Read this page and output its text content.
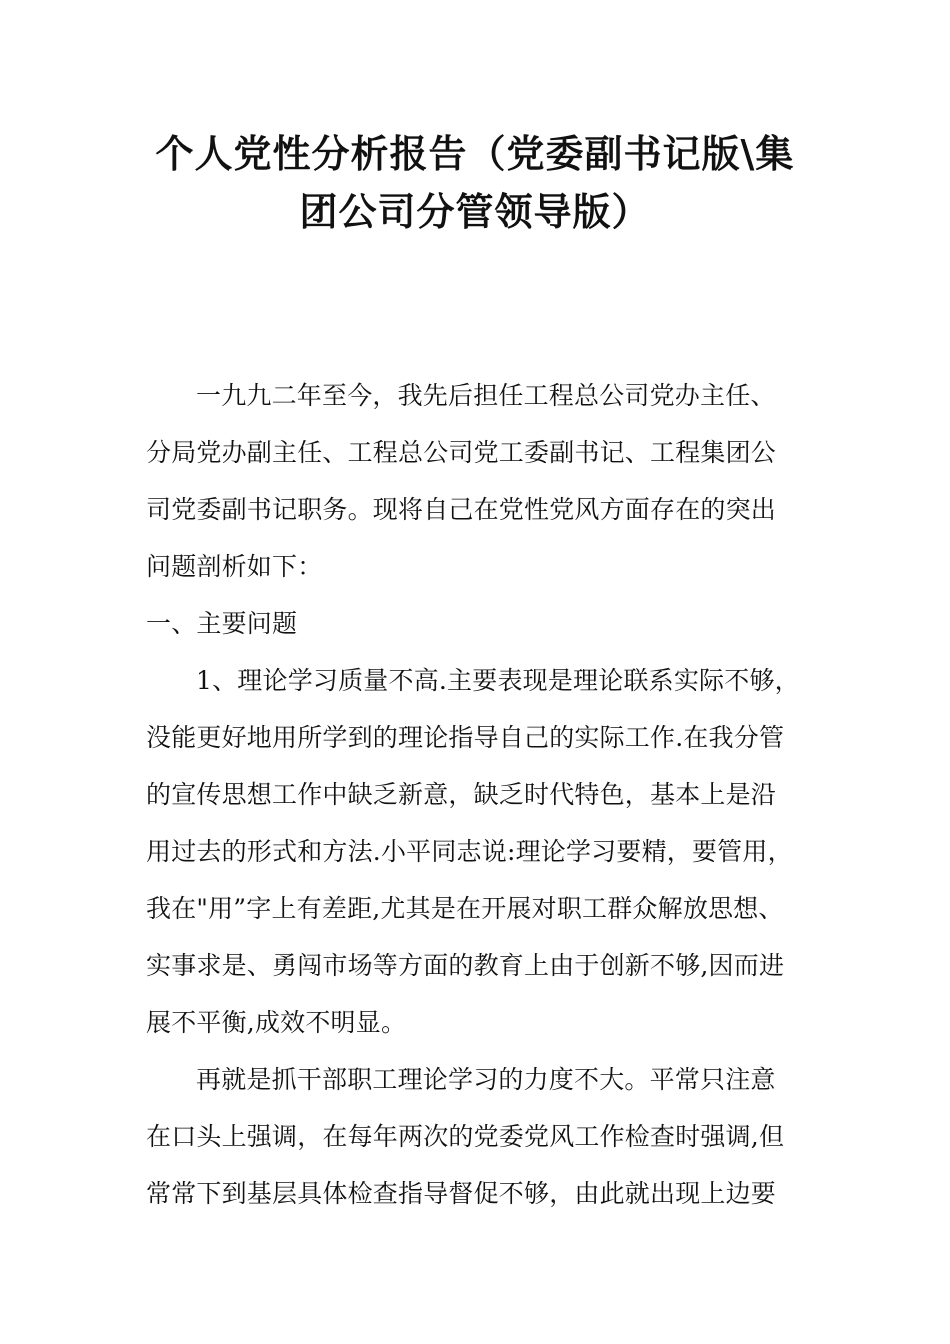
个人党性分析报告（党委副书记版\集
团公司分管领导版）
一九九二年至今，我先后担任工程总公司党办主任、
分局党办副主任、工程总公司党工委副书记、工程集团公
司党委副书记职务。现将自己在党性党风方面存在的突出
问题剖析如下：
一、主要问题
1、理论学习质量不高.主要表现是理论联系实际不够，
没能更好地用所学到的理论指导自己的实际工作.在我分管
的宣传思想工作中缺乏新意，缺乏时代特色，基本上是沿
用过去的形式和方法.小平同志说:理论学习要精，要管用，
我在"用”字上有差距,尤其是在开展对职工群众解放思想、
实事求是、勇闯市场等方面的教育上由于创新不够,因而进
展不平衡,成效不明显。
再就是抓干部职工理论学习的力度不大。平常只注意
在口头上强调，在每年两次的党委党风工作检查时强调,但
常常下到基层具体检查指导督促不够，由此就出现上边要
